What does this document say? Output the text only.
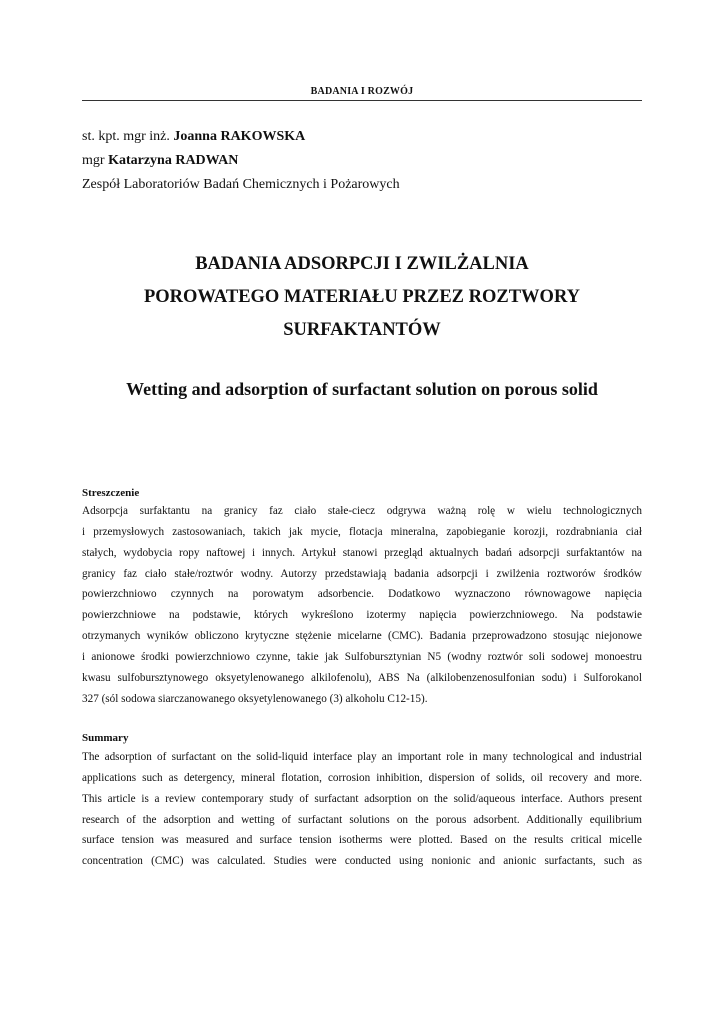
BADANIA I ROZWÓJ
st. kpt. mgr inż. Joanna RAKOWSKA
mgr Katarzyna RADWAN
Zespół Laboratoriów Badań Chemicznych i Pożarowych
BADANIA ADSORPCJI I ZWILŻALNIA
POROWATEGO MATERIAŁU PRZEZ ROZTWORY
SURFAKTANTÓW
Wetting and adsorption of surfactant solution on porous solid
Streszczenie
Adsorpcja surfaktantu na granicy faz ciało stałe-ciecz odgrywa ważną rolę w wielu technologicznych
i przemysłowych zastosowaniach, takich jak mycie, flotacja mineralna, zapobieganie korozji, rozdrabniania ciał
stałych, wydobycia ropy naftowej i innych. Artykuł stanowi przegląd aktualnych badań adsorpcji surfaktantów na
granicy faz ciało stałe/roztwór wodny. Autorzy przedstawiają badania adsorpcji i zwilżenia roztworów środków
powierzchniowo czynnych na porowatym adsorbencie. Dodatkowo wyznaczono równowagowe napięcia
powierzchniowe na podstawie, których wykreślono izotermy napięcia powierzchniowego. Na podstawie
otrzymanych wyników obliczono krytyczne stężenie micelarne (CMC). Badania przeprowadzono stosując niejonowe
i anionowe środki powierzchniowo czynne, takie jak Sulfobursztynian N5 (wodny roztwór soli sodowej monoestru
kwasu sulfobursztynowego oksyetylenowanego alkilofenolu), ABS Na (alkilobenzenosulfonian sodu) i Sulforokanol
327 (sól sodowa siarczanowanego oksyetylenowanego (3) alkoholu C12-15).
Summary
The adsorption of surfactant on the solid-liquid interface play an important role in many technological and industrial
applications such as detergency, mineral flotation, corrosion inhibition, dispersion of solids, oil recovery and more.
This article is a review contemporary study of surfactant adsorption on the solid/aqueous interface. Authors present
research of the adsorption and wetting of surfactant solutions on the porous adsorbent. Additionally equilibrium
surface tension was measured and surface tension isotherms were plotted. Based on the results critical micelle
concentration (CMC) was calculated. Studies were conducted using nonionic and anionic surfactants, such as
